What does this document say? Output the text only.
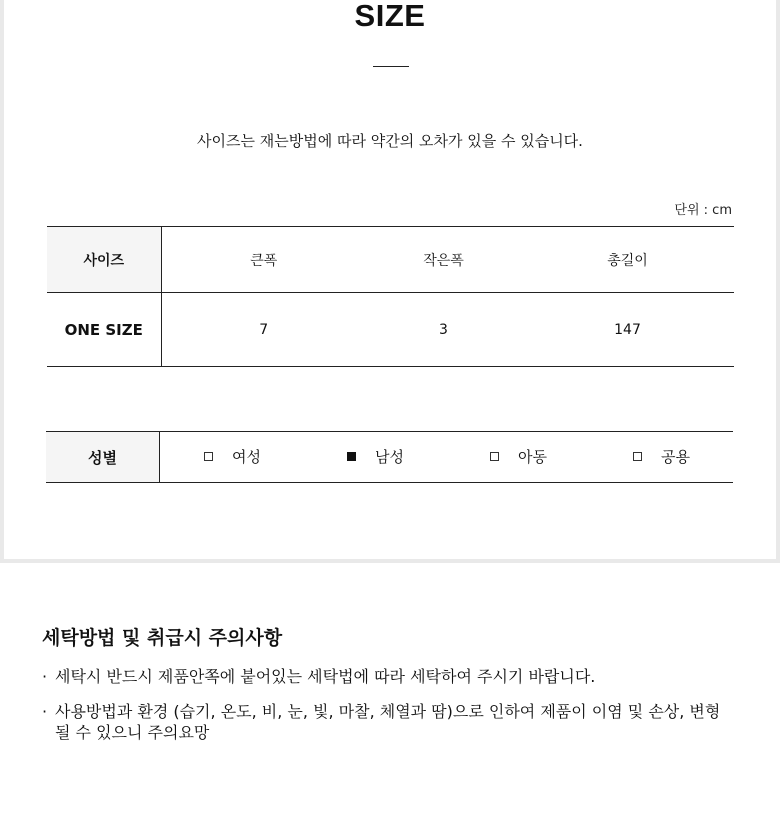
SIZE
사이즈는 재는방법에 따라 약간의 오차가 있을 수 있습니다.
단위 : cm
사이즈	큰폭	작은폭	총길이
ONE SIZE	7	3	147
성별	여성	남성	아동	공용
세탁방법 및 취급시 주의사항
· 세탁시 반드시 제품안쪽에 붙어있는 세탁법에 따라 세탁하여 주시기 바랍니다.
· 사용방법과 환경 (습기, 온도, 비, 눈, 빛, 마찰, 체열과 땀)으로 인하여 제품이 이염 및 손상, 변형될 수 있으니 주의요망
